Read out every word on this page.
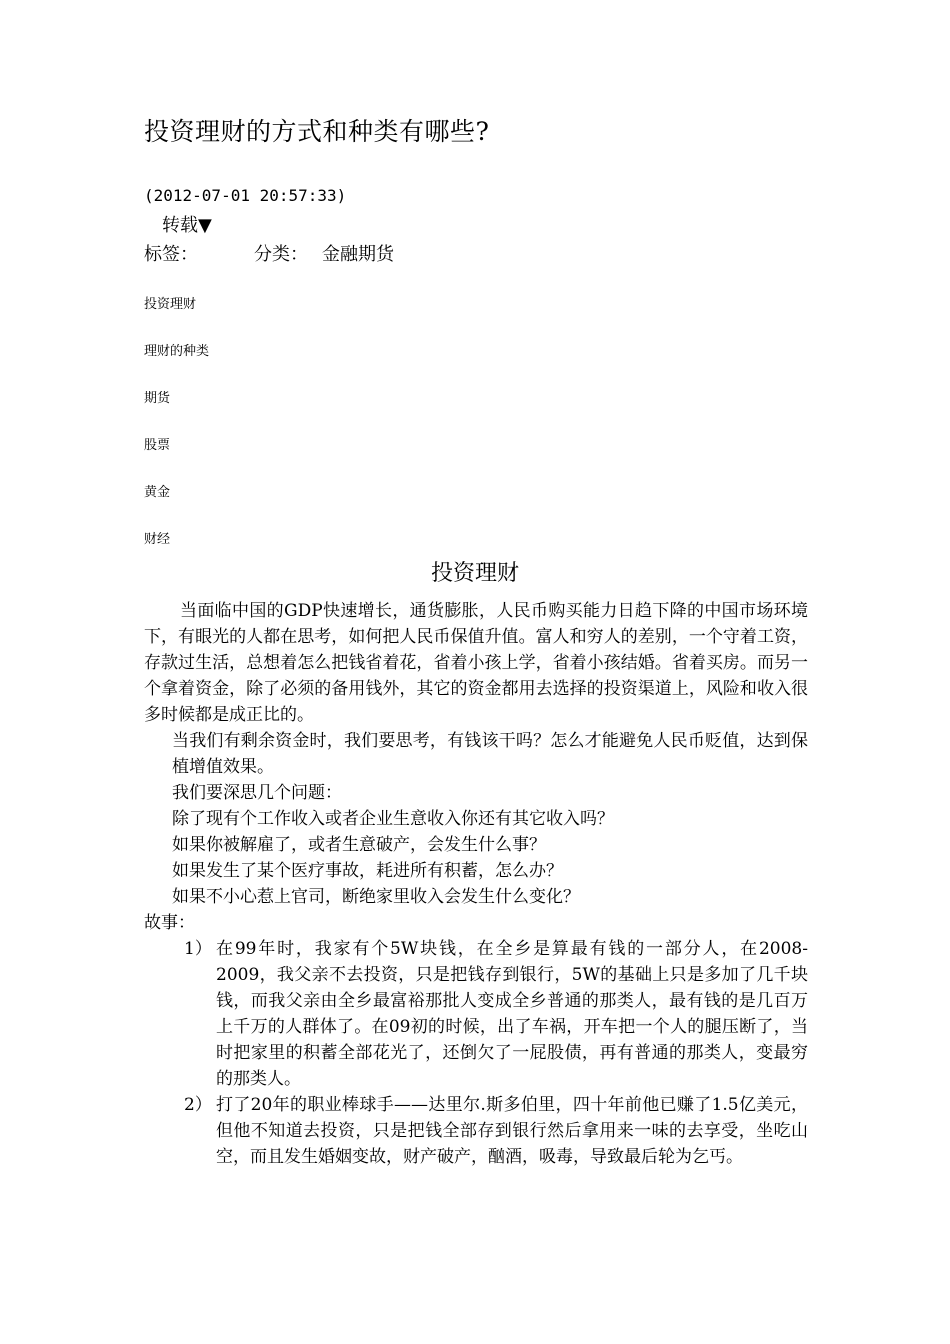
投资理财的方式和种类有哪些?
(2012-07-01 20:57:33)
转载▼
标签：	分类： 金融期货
投资理财
理财的种类
期货
股票
黄金
财经
投资理财

当面临中国的GDP快速增长，通货膨胀，人民币购买能力日趋下降的中国市场环境下，有眼光的人都在思考，如何把人民币保值升值。富人和穷人的差别，一个守着工资，存款过生活，总想着怎么把钱省着花，省着小孩上学，省着小孩结婚。省着买房。而另一个拿着资金，除了必须的备用钱外，其它的资金都用去选择的投资渠道上，风险和收入很多时候都是成正比的。

当我们有剩余资金时，我们要思考，有钱该干吗？怎么才能避免人民币贬值，达到保植增值效果。

我们要深思几个问题：

除了现有个工作收入或者企业生意收入你还有其它收入吗？

如果你被解雇了，或者生意破产，会发生什么事？

如果发生了某个医疗事故，耗进所有积蓄，怎么办？

如果不小心惹上官司，断绝家里收入会发生什么变化？

故事：

1） 在99年时，我家有个5W块钱，在全乡是算最有钱的一部分人，在2008-2009，我父亲不去投资，只是把钱存到银行，5W的基础上只是多加了几千块钱，而我父亲由全乡最富裕那批人变成全乡普通的那类人，最有钱的是几百万上千万的人群体了。在09初的时候，出了车祸，开车把一个人的腿压断了，当时把家里的积蓄全部花光了，还倒欠了一屁股债，再有普通的那类人，变最穷的那类人。
2） 打了20年的职业棒球手——达里尔.斯多伯里，四十年前他已赚了1.5亿美元，但他不知道去投资，只是把钱全部存到银行然后拿用来一味的去享受，坐吃山空，而且发生婚姻变故，财产破产，酗酒，吸毒，导致最后轮为乞丐。
